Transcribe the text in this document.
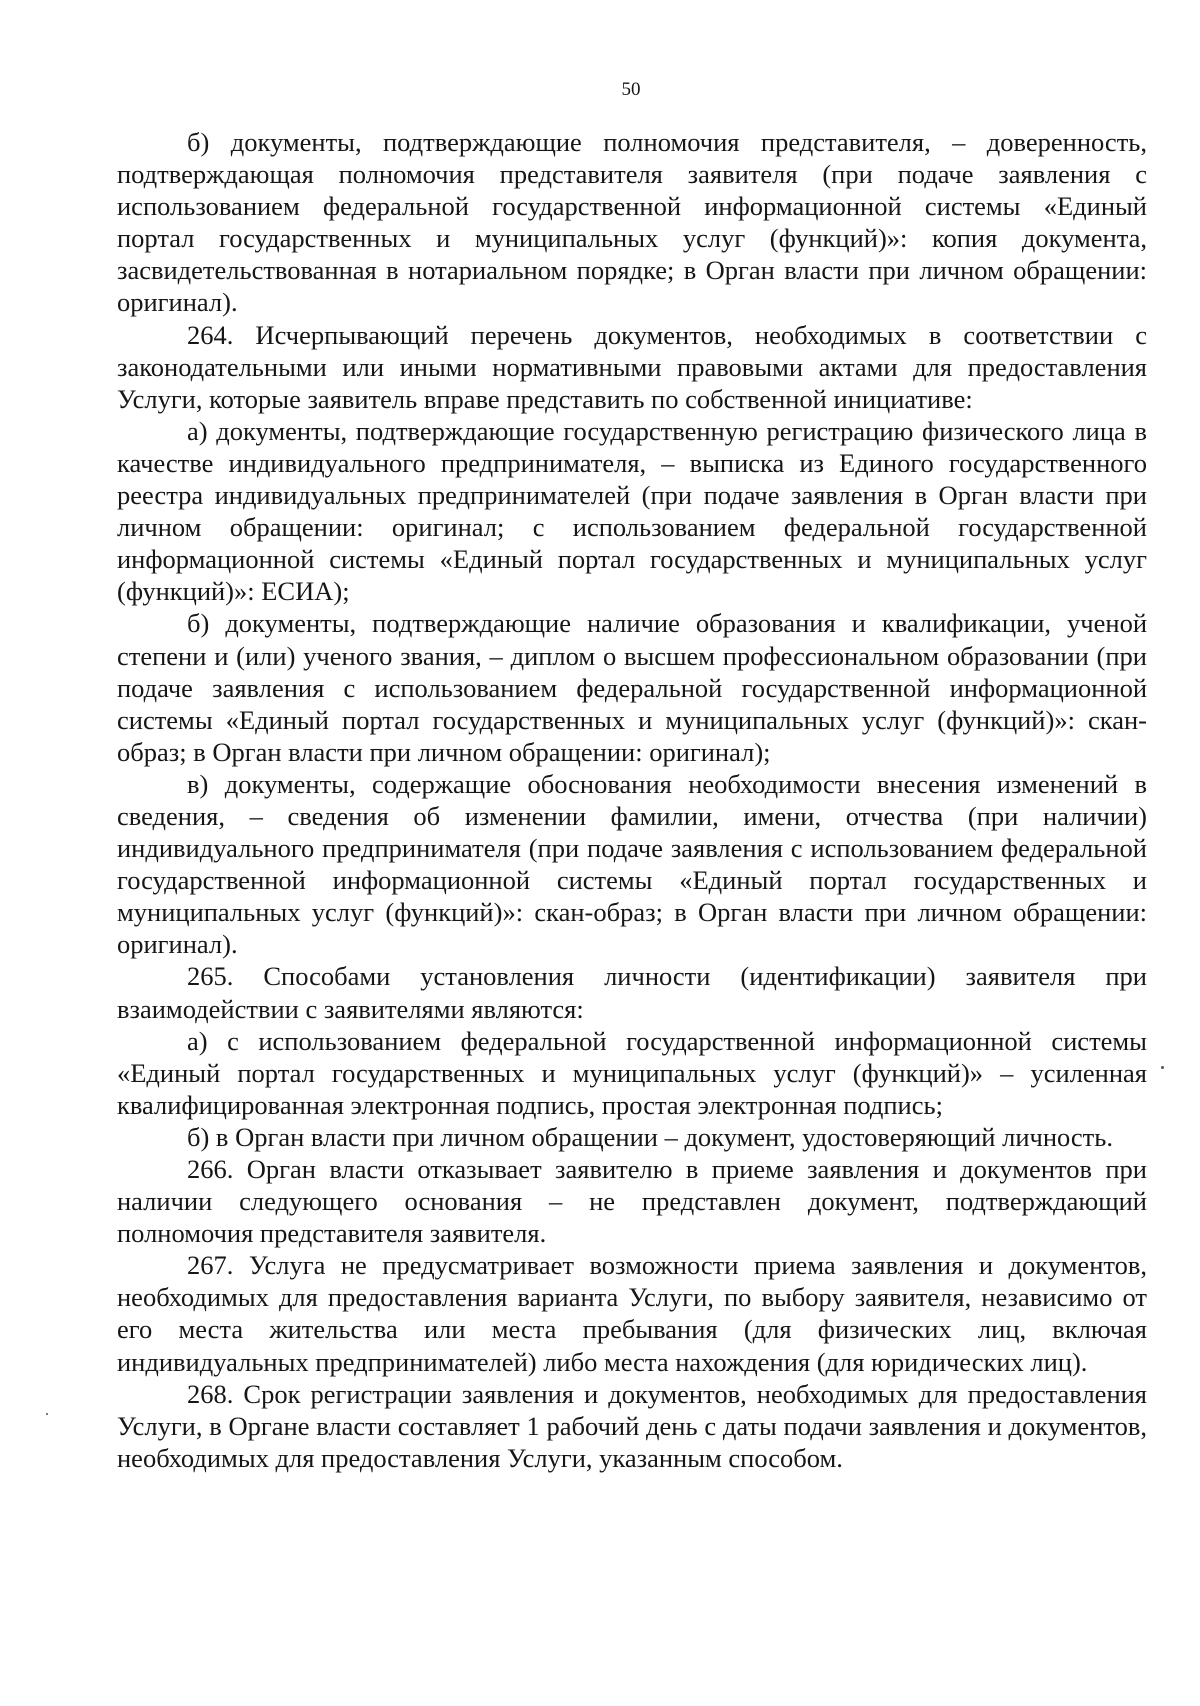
50

б) документы, подтверждающие полномочия представителя, – доверенность, подтверждающая полномочия представителя заявителя (при подаче заявления с использованием федеральной государственной информационной системы «Единый портал государственных и муниципальных услуг (функций)»: копия документа, засвидетельствованная в нотариальном порядке; в Орган власти при личном обращении: оригинал).

264. Исчерпывающий перечень документов, необходимых в соответствии с законодательными или иными нормативными правовыми актами для предоставления Услуги, которые заявитель вправе представить по собственной инициативе:

а) документы, подтверждающие государственную регистрацию физического лица в качестве индивидуального предпринимателя, – выписка из Единого государственного реестра индивидуальных предпринимателей (при подаче заявления в Орган власти при личном обращении: оригинал; с использованием федеральной государственной информационной системы «Единый портал государственных и муниципальных услуг (функций)»: ЕСИА);

б) документы, подтверждающие наличие образования и квалификации, ученой степени и (или) ученого звания, – диплом о высшем профессиональном образовании (при подаче заявления с использованием федеральной государственной информационной системы «Единый портал государственных и муниципальных услуг (функций)»: скан-образ; в Орган власти при личном обращении: оригинал);

в) документы, содержащие обоснования необходимости внесения изменений в сведения, – сведения об изменении фамилии, имени, отчества (при наличии) индивидуального предпринимателя (при подаче заявления с использованием федеральной государственной информационной системы «Единый портал государственных и муниципальных услуг (функций)»: скан-образ; в Орган власти при личном обращении: оригинал).

265. Способами установления личности (идентификации) заявителя при взаимодействии с заявителями являются:

а) с использованием федеральной государственной информационной системы «Единый портал государственных и муниципальных услуг (функций)» – усиленная квалифицированная электронная подпись, простая электронная подпись;

б) в Орган власти при личном обращении – документ, удостоверяющий личность.

266. Орган власти отказывает заявителю в приеме заявления и документов при наличии следующего основания – не представлен документ, подтверждающий полномочия представителя заявителя.

267. Услуга не предусматривает возможности приема заявления и документов, необходимых для предоставления варианта Услуги, по выбору заявителя, независимо от его места жительства или места пребывания (для физических лиц, включая индивидуальных предпринимателей) либо места нахождения (для юридических лиц).

268. Срок регистрации заявления и документов, необходимых для предоставления Услуги, в Органе власти составляет 1 рабочий день с даты подачи заявления и документов, необходимых для предоставления Услуги, указанным способом.
